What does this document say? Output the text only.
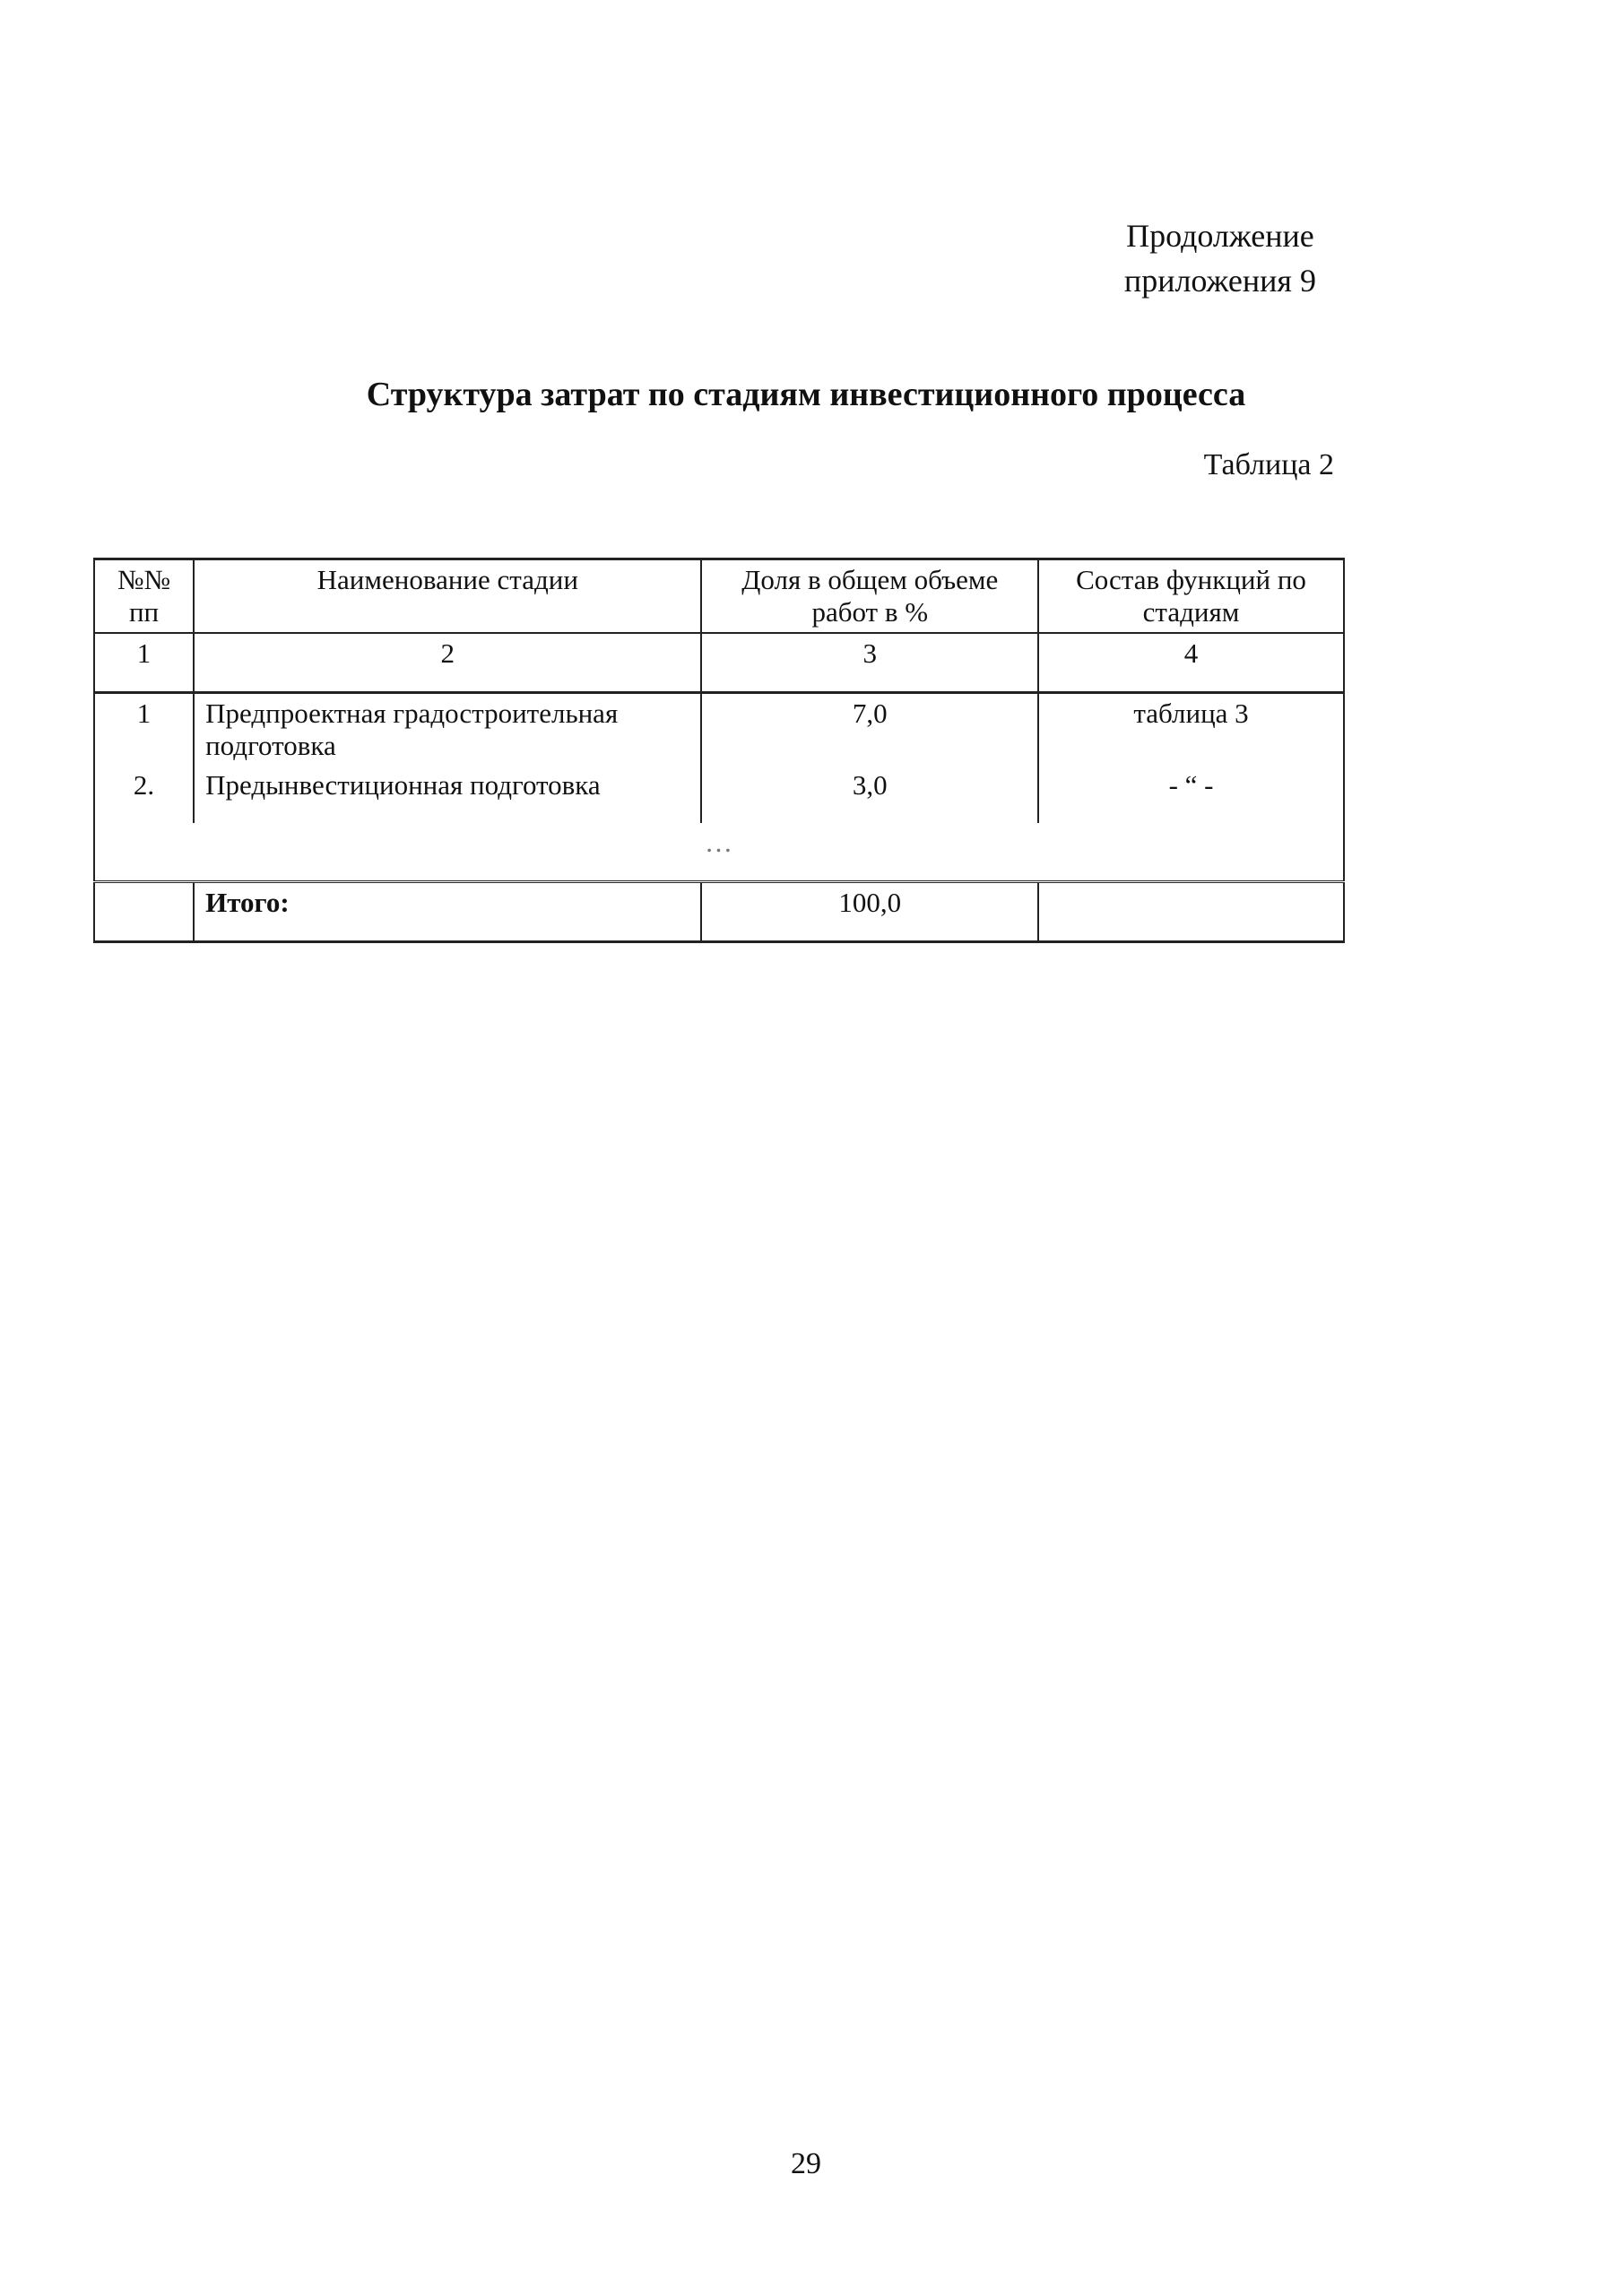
Продолжение
приложения 9
Структура затрат по стадиям инвестиционного процесса
Таблица 2
№№ пп	Наименование стадии	Доля в общем объеме работ в %	Состав функций по стадиям
1	2	3	4
1	Предпроектная градостроительная подготовка	7,0	таблица 3
2.	Предынвестиционная подготовка	3,0	- “ -
…			
	Итого:	100,0	
29
